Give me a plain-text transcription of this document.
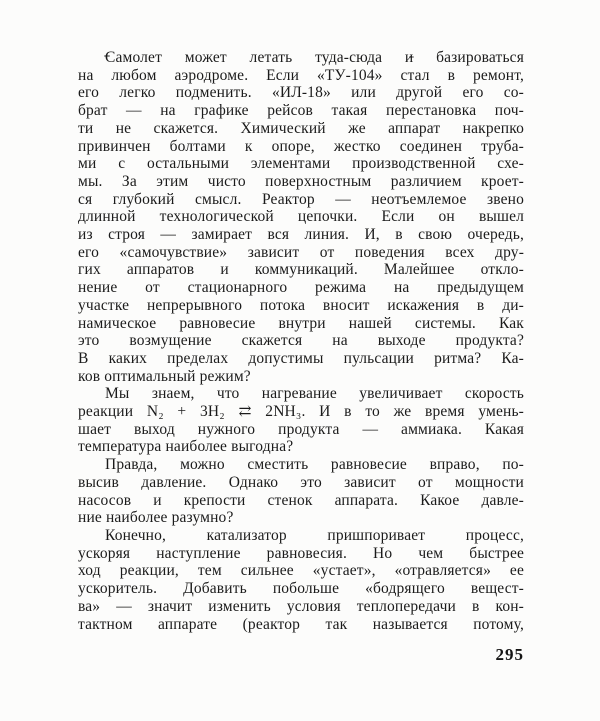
Самолет может летать туда-сюда и базироваться
на любом аэродроме. Если «ТУ-104» стал в ремонт,
его легко подменить. «ИЛ-18» или другой его со-
брат — на графике рейсов такая перестановка поч-
ти не скажется. Химический же аппарат накрепко
привинчен болтами к опоре, жестко соединен труба-
ми с остальными элементами производственной схе-
мы. За этим чисто поверхностным различием кроет-
ся глубокий смысл. Реактор — неотъемлемое звено
длинной технологической цепочки. Если он вышел
из строя — замирает вся линия. И, в свою очередь,
его «самочувствие» зависит от поведения всех дру-
гих аппаратов и коммуникаций. Малейшее откло-
нение от стационарного режима на предыдущем
участке непрерывного потока вносит искажения в ди-
намическое равновесие внутри нашей системы. Как
это возмущение скажется на выходе продукта?
В каких пределах допустимы пульсации ритма? Ка-
ков оптимальный режим?
Мы знаем, что нагревание увеличивает скорость
реакции N₂ + 3H₂ ⇄ 2NH₃. И в то же время умень-
шает выход нужного продукта — аммиака. Какая
температура наиболее выгодна?
Правда, можно сместить равновесие вправо, по-
высив давление. Однако это зависит от мощности
насосов и крепости стенок аппарата. Какое давле-
ние наиболее разумно?
Конечно, катализатор пришпоривает процесс,
ускоряя наступление равновесия. Но чем быстрее
ход реакции, тем сильнее «устает», «отравляется» ее
ускоритель. Добавить побольше «бодрящего вещест-
ва» — значит изменить условия теплопередачи в кон-
тактном аппарате (реактор так называется потому,
295
